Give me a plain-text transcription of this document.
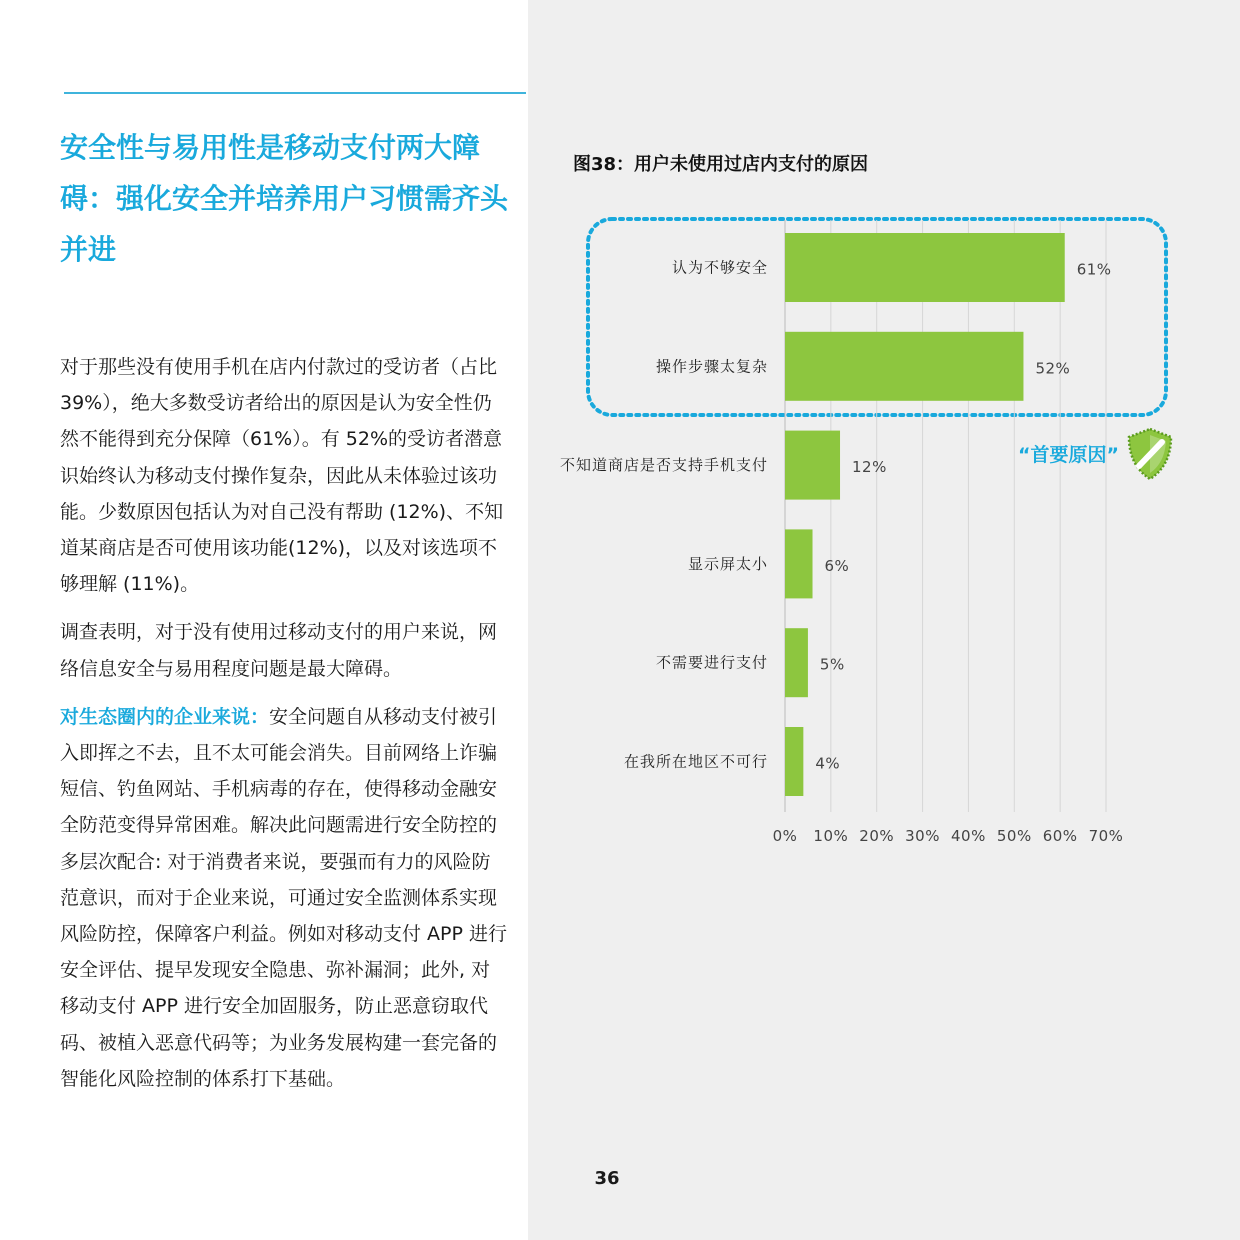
安全性与易用性是移动支付两大障碍：强化安全并培养用户习惯需齐头并进

对于那些没有使用手机在店内付款过的受访者（占比 39%），绝大多数受访者给出的原因是认为安全性仍然不能得到充分保障（61%）。有 52%的受访者潜意识始终认为移动支付操作复杂，因此从未体验过该功能。少数原因包括认为对自己没有帮助 (12%)、不知道某商店是否可使用该功能(12%)，以及对该选项不够理解 (11%)。

调查表明，对于没有使用过移动支付的用户来说，网络信息安全与易用程度问题是最大障碍。

对生态圈内的企业来说：安全问题自从移动支付被引入即挥之不去，且不太可能会消失。目前网络上诈骗短信、钓鱼网站、手机病毒的存在，使得移动金融安全防范变得异常困难。解决此问题需进行安全防控的多层次配合: 对于消费者来说，要强而有力的风险防范意识，而对于企业来说，可通过安全监测体系实现风险防控，保障客户利益。例如对移动支付 APP 进行安全评估、提早发现安全隐患、弥补漏洞；此外, 对移动支付 APP 进行安全加固服务，防止恶意窃取代码、被植入恶意代码等；为业务发展构建一套完备的智能化风险控制的体系打下基础。

36
图38：用户未使用过店内支付的原因
0% 10% 20% 30% 40% 50% 60% 70%
认为不够安全	61%
操作步骤太复杂	52%
不知道商店是否支持手机支付	12%
显示屏太小	6%
不需要进行支付	5%
在我所在地区不可行	4%
“首要原因”
